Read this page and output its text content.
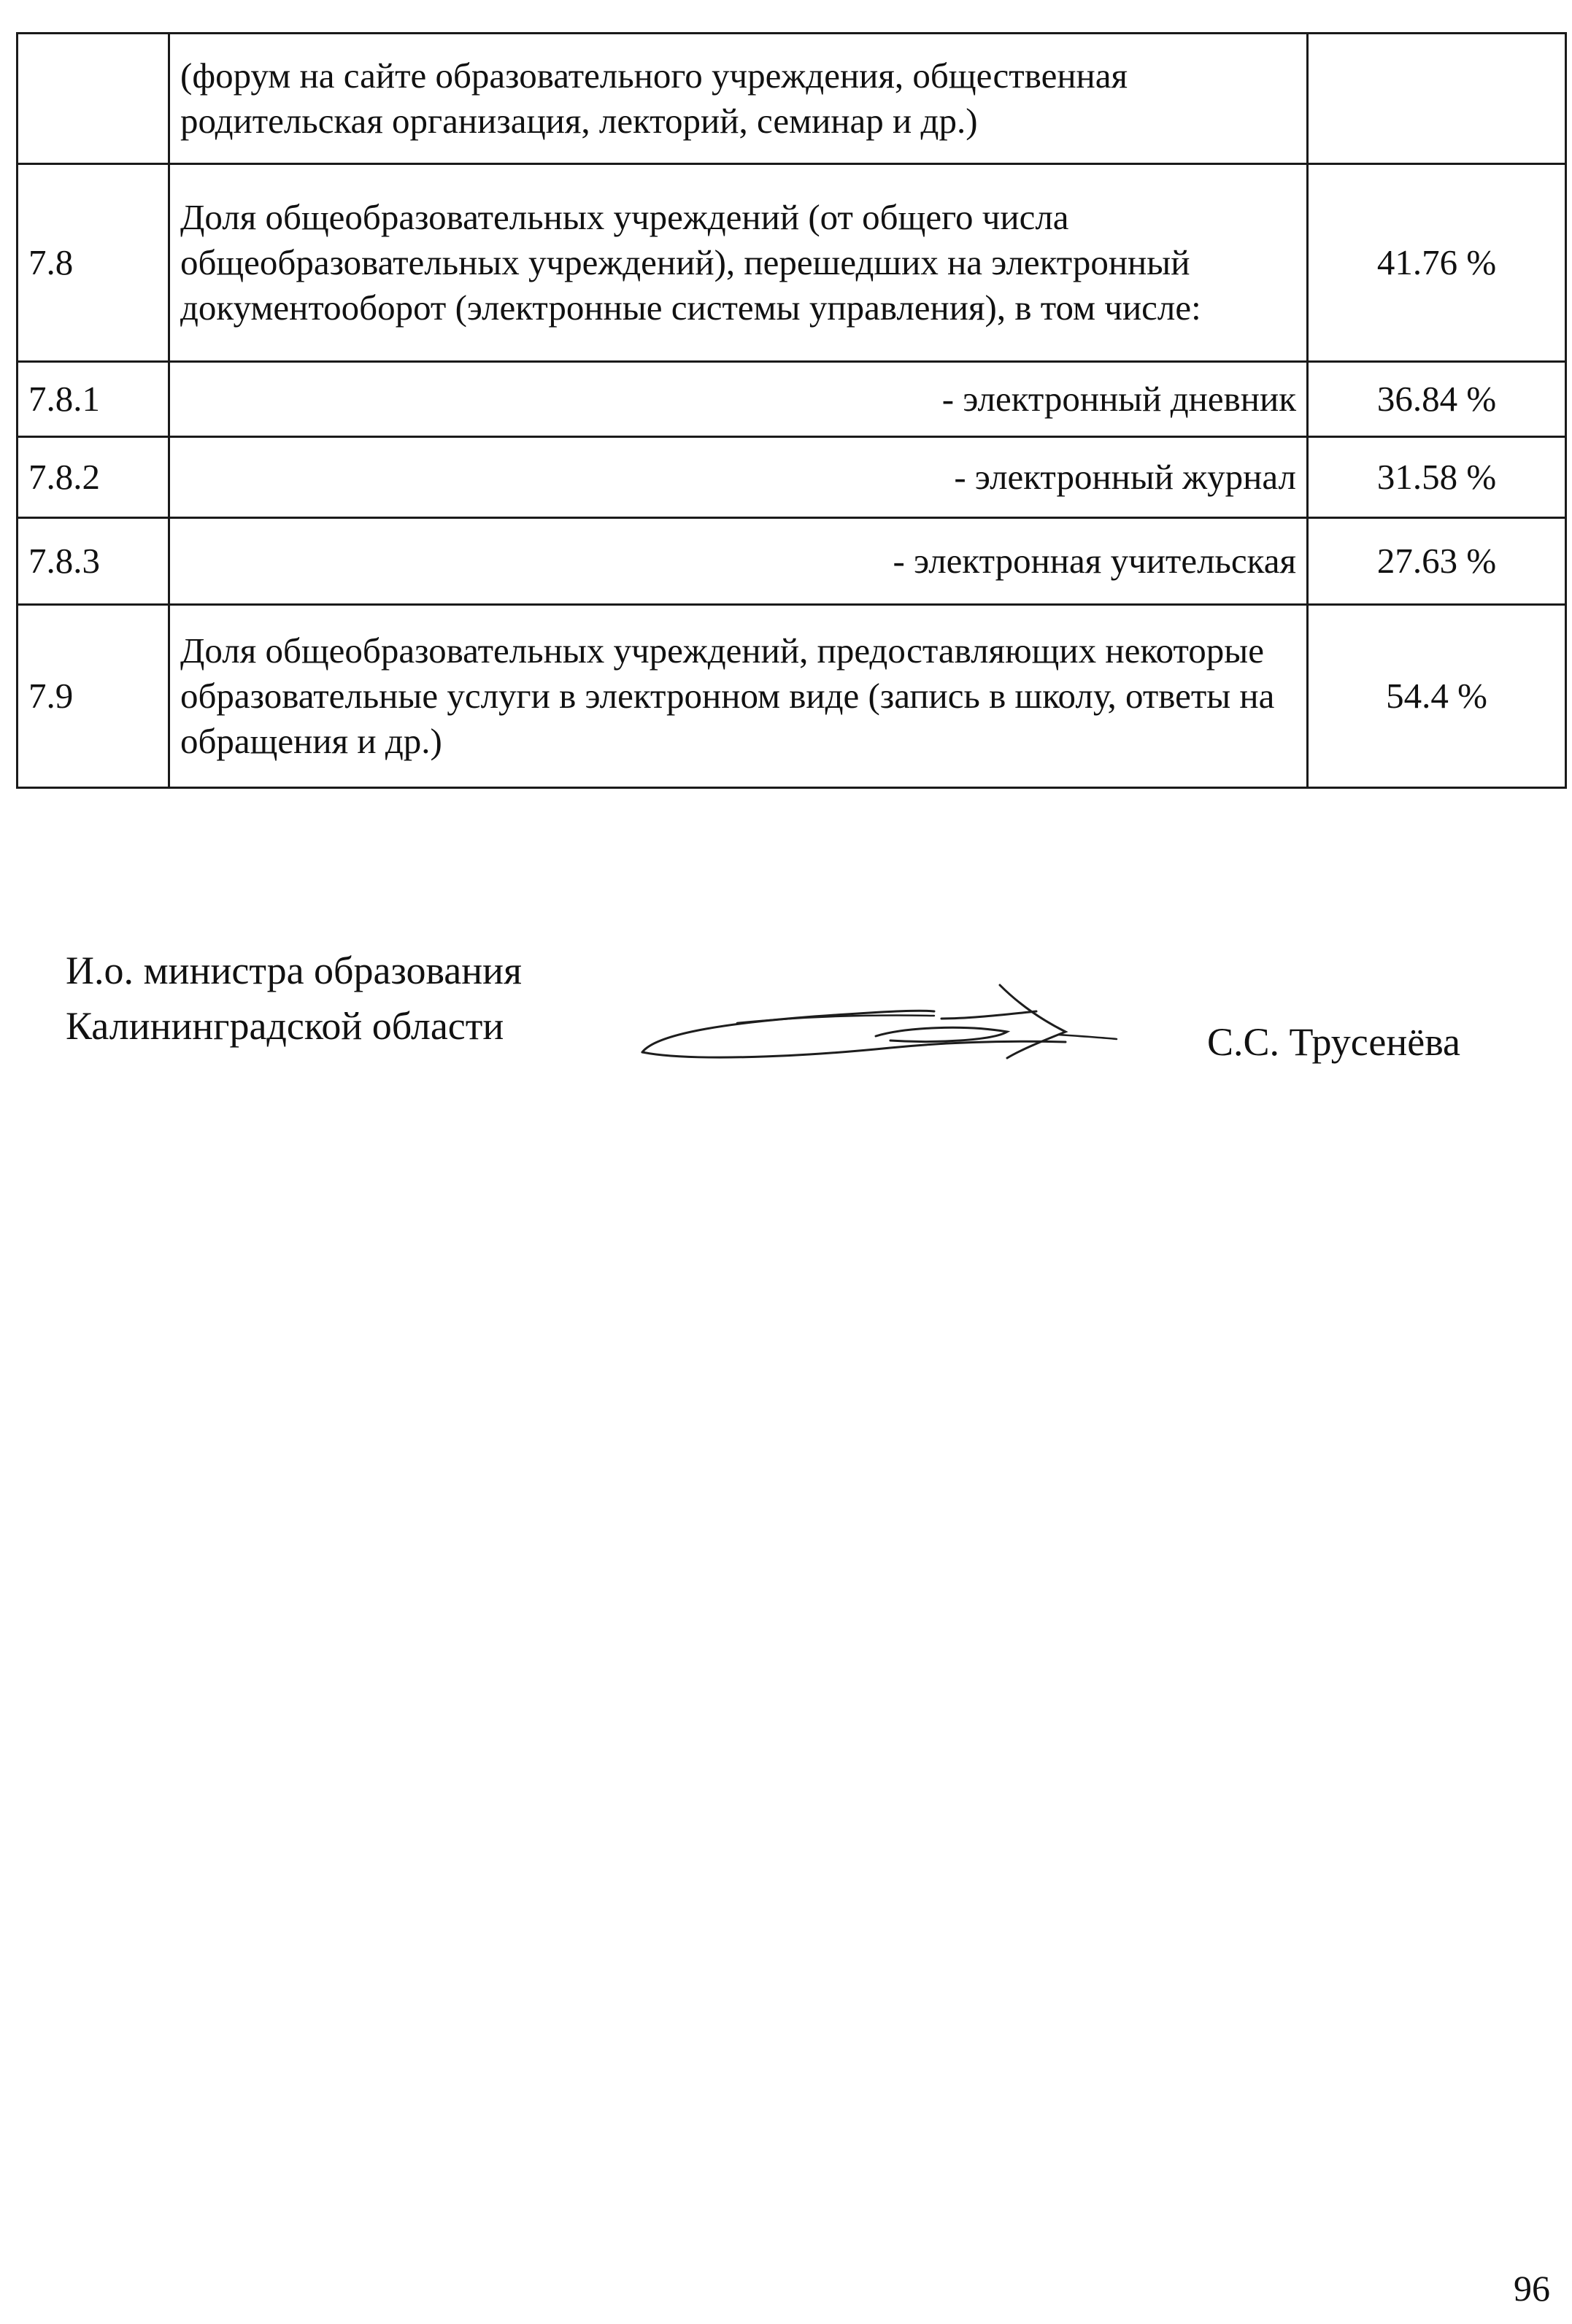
	(форум на сайте образовательного учреждения, общественная родительская организация, лекторий, семинар и др.)	
7.8	Доля общеобразовательных учреждений (от общего числа общеобразовательных учреждений), перешедших на электронный документооборот (электронные системы управления), в том числе:	41.76 %
7.8.1	- электронный дневник	36.84 %
7.8.2	- электронный журнал	31.58 %
7.8.3	- электронная учительская	27.63 %
7.9	Доля общеобразовательных учреждений, предоставляющих некоторые образовательные услуги в электронном виде (запись в школу, ответы на обращения и др.)	54.4 %
И.о. министра образования
Калининградской области	С.С. Трусенёва
96
